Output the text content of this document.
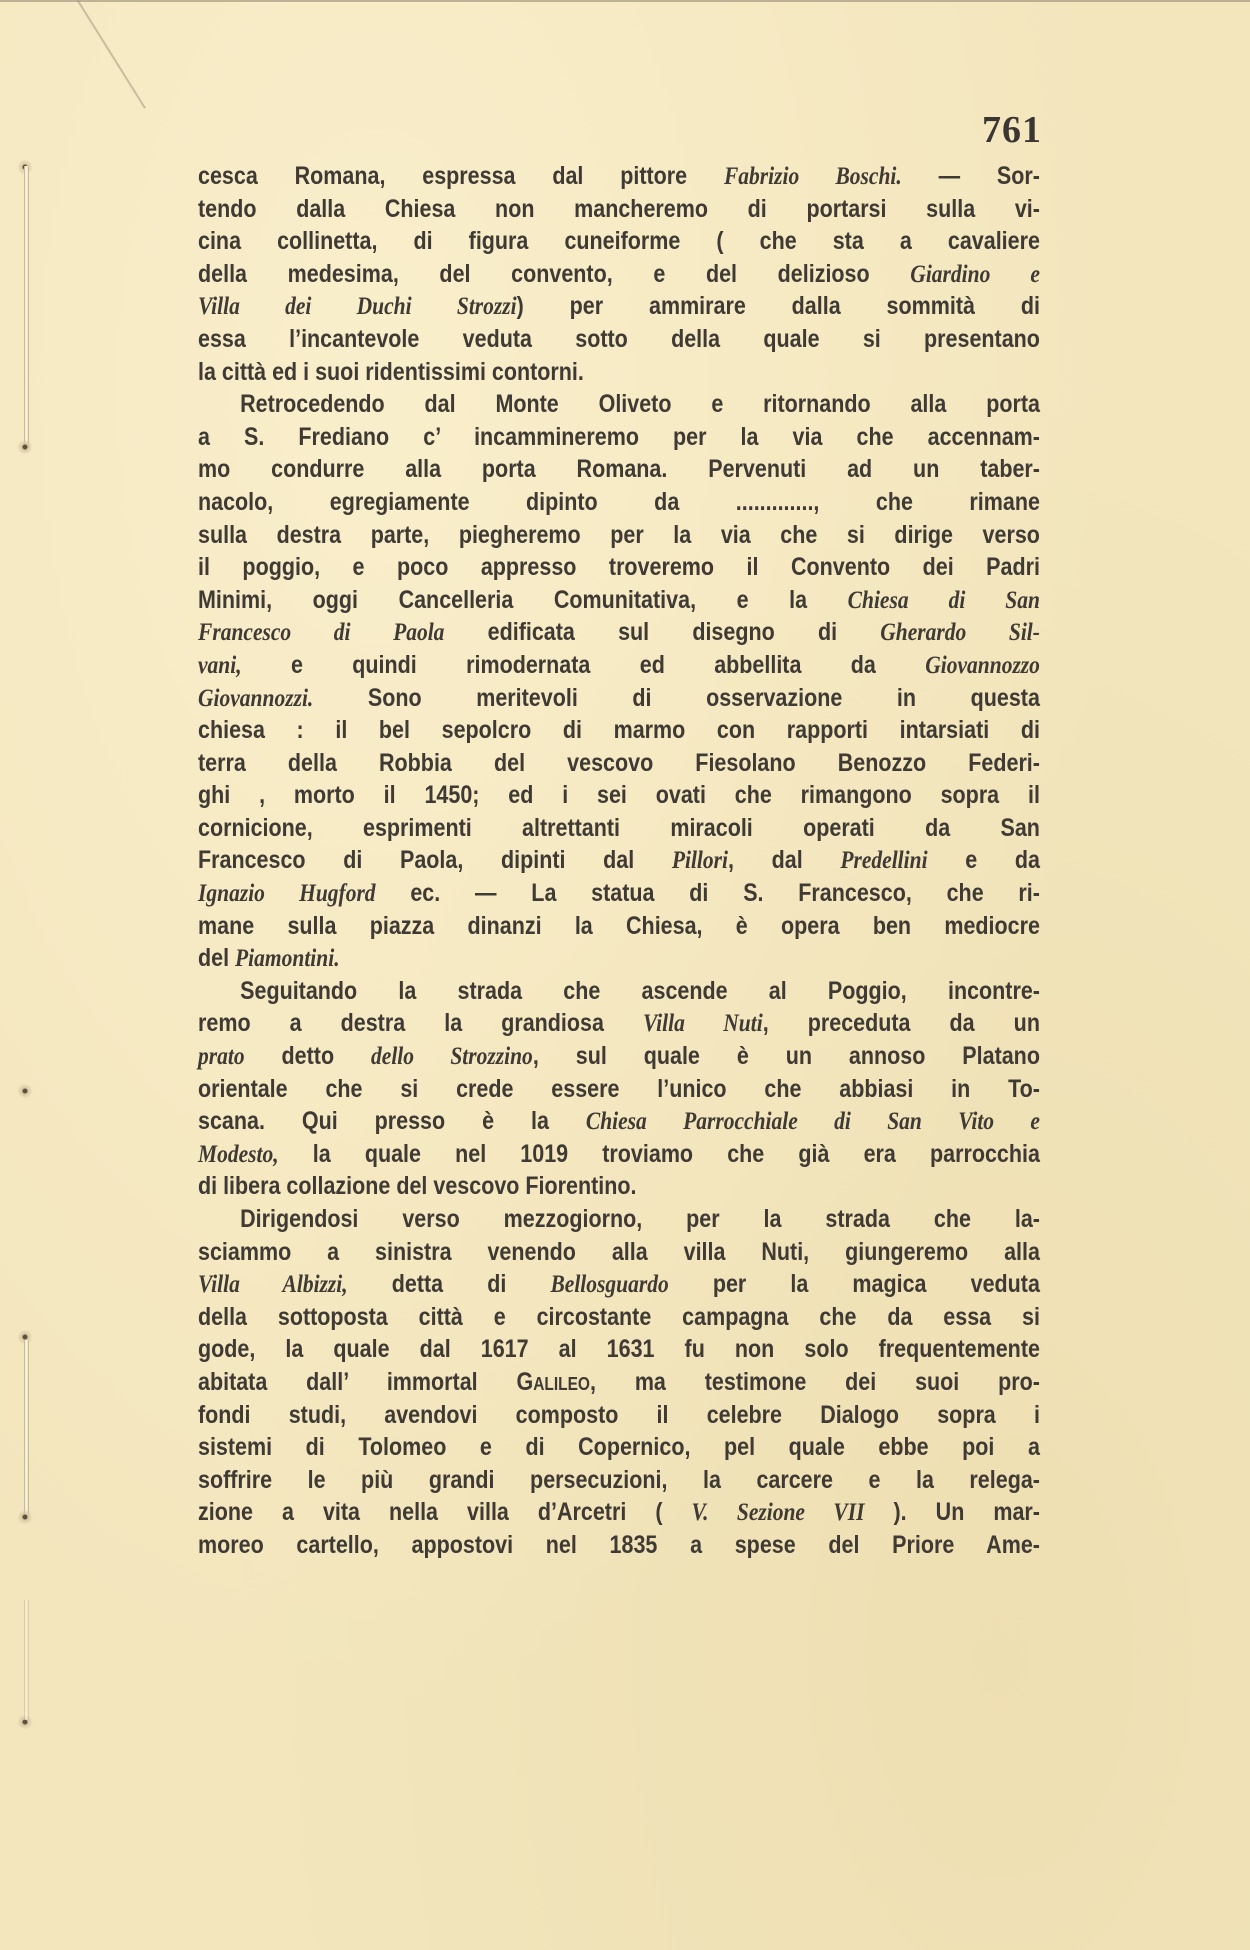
761
cesca Romana, espressa dal pittore Fabrizio Boschi. — Sor-
tendo dalla Chiesa non mancheremo di portarsi sulla vi-
cina collinetta, di figura cuneiforme ( che sta a cavaliere
della medesima, del convento, e del delizioso Giardino e
Villa dei Duchi Strozzi) per ammirare dalla sommità di
essa l’incantevole veduta sotto della quale si presentano
la città ed i suoi ridentissimi contorni.
Retrocedendo dal Monte Oliveto e ritornando alla porta
a S. Frediano c’ incammineremo per la via che accennam-
mo condurre alla porta Romana. Pervenuti ad un taber-
nacolo, egregiamente dipinto da ............., che rimane
sulla destra parte, piegheremo per la via che si dirige verso
il poggio, e poco appresso troveremo il Convento dei Padri
Minimi, oggi Cancelleria Comunitativa, e la Chiesa di San
Francesco di Paola edificata sul disegno di Gherardo Sil-
vani, e quindi rimodernata ed abbellita da Giovannozzo
Giovannozzi. Sono meritevoli di osservazione in questa
chiesa : il bel sepolcro di marmo con rapporti intarsiati di
terra della Robbia del vescovo Fiesolano Benozzo Federi-
ghi , morto il 1450; ed i sei ovati che rimangono sopra il
cornicione, esprimenti altrettanti miracoli operati da San
Francesco di Paola, dipinti dal Pillori, dal Predellini e da
Ignazio Hugford ec. — La statua di S. Francesco, che ri-
mane sulla piazza dinanzi la Chiesa, è opera ben mediocre
del Piamontini.
Seguitando la strada che ascende al Poggio, incontre-
remo a destra la grandiosa Villa Nuti, preceduta da un
prato detto dello Strozzino, sul quale è un annoso Platano
orientale che si crede essere l’unico che abbiasi in To-
scana. Qui presso è la Chiesa Parrocchiale di San Vito e
Modesto, la quale nel 1019 troviamo che già era parrocchia
di libera collazione del vescovo Fiorentino.
Dirigendosi verso mezzogiorno, per la strada che la-
sciammo a sinistra venendo alla villa Nuti, giungeremo alla
Villa Albizzi, detta di Bellosguardo per la magica veduta
della sottoposta città e circostante campagna che da essa si
gode, la quale dal 1617 al 1631 fu non solo frequentemente
abitata dall’ immortal Galileo, ma testimone dei suoi pro-
fondi studi, avendovi composto il celebre Dialogo sopra i
sistemi di Tolomeo e di Copernico, pel quale ebbe poi a
soffrire le più grandi persecuzioni, la carcere e la relega-
zione a vita nella villa d’Arcetri ( V. Sezione VII ). Un mar-
moreo cartello, appostovi nel 1835 a spese del Priore Ame-
